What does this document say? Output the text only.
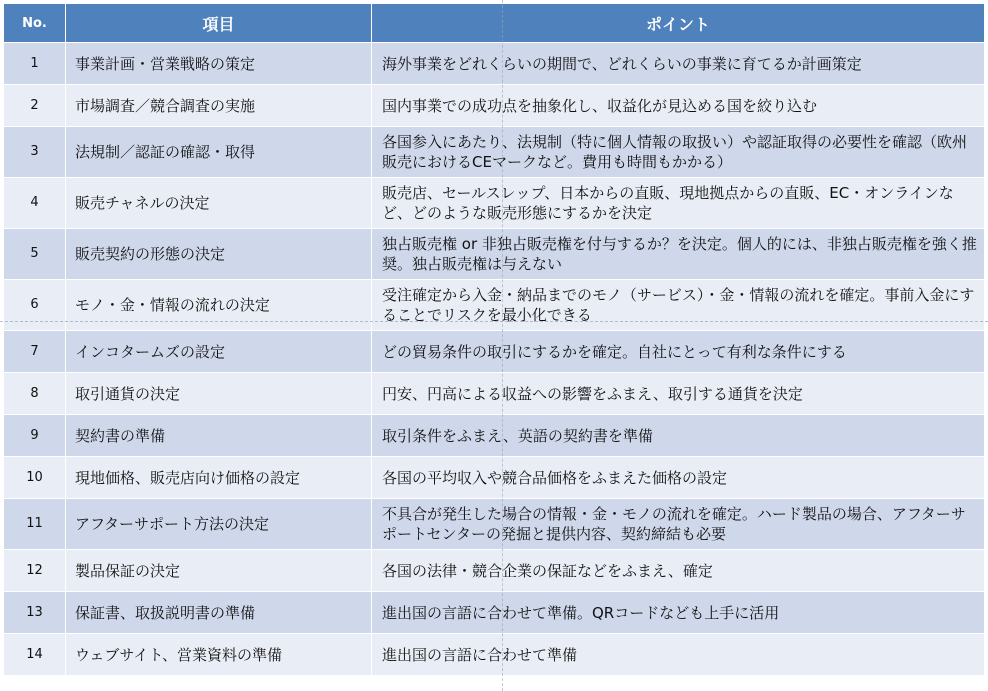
No.	項目	ポイント
1	事業計画・営業戦略の策定	海外事業をどれくらいの期間で、どれくらいの事業に育てるか計画策定
2	市場調査／競合調査の実施	国内事業での成功点を抽象化し、収益化が見込める国を絞り込む
3	法規制／認証の確認・取得	各国参入にあたり、法規制（特に個人情報の取扱い）や認証取得の必要性を確認（欧州販売におけるCEマークなど。費用も時間もかかる）
4	販売チャネルの決定	販売店、セールスレップ、日本からの直販、現地拠点からの直販、EC・オンラインなど、どのような販売形態にするかを決定
5	販売契約の形態の決定	独占販売権 or 非独占販売権を付与するか？を決定。個人的には、非独占販売権を強く推奨。独占販売権は与えない
6	モノ・金・情報の流れの決定	受注確定から入金・納品までのモノ（サービス）・金・情報の流れを確定。事前入金にすることでリスクを最小化できる
7	インコタームズの設定	どの貿易条件の取引にするかを確定。自社にとって有利な条件にする
8	取引通貨の決定	円安、円高による収益への影響をふまえ、取引する通貨を決定
9	契約書の準備	取引条件をふまえ、英語の契約書を準備
10	現地価格、販売店向け価格の設定	各国の平均収入や競合品価格をふまえた価格の設定
11	アフターサポート方法の決定	不具合が発生した場合の情報・金・モノの流れを確定。ハード製品の場合、アフターサポートセンターの発掘と提供内容、契約締結も必要
12	製品保証の決定	各国の法律・競合企業の保証などをふまえ、確定
13	保証書、取扱説明書の準備	進出国の言語に合わせて準備。QRコードなども上手に活用
14	ウェブサイト、営業資料の準備	進出国の言語に合わせて準備
